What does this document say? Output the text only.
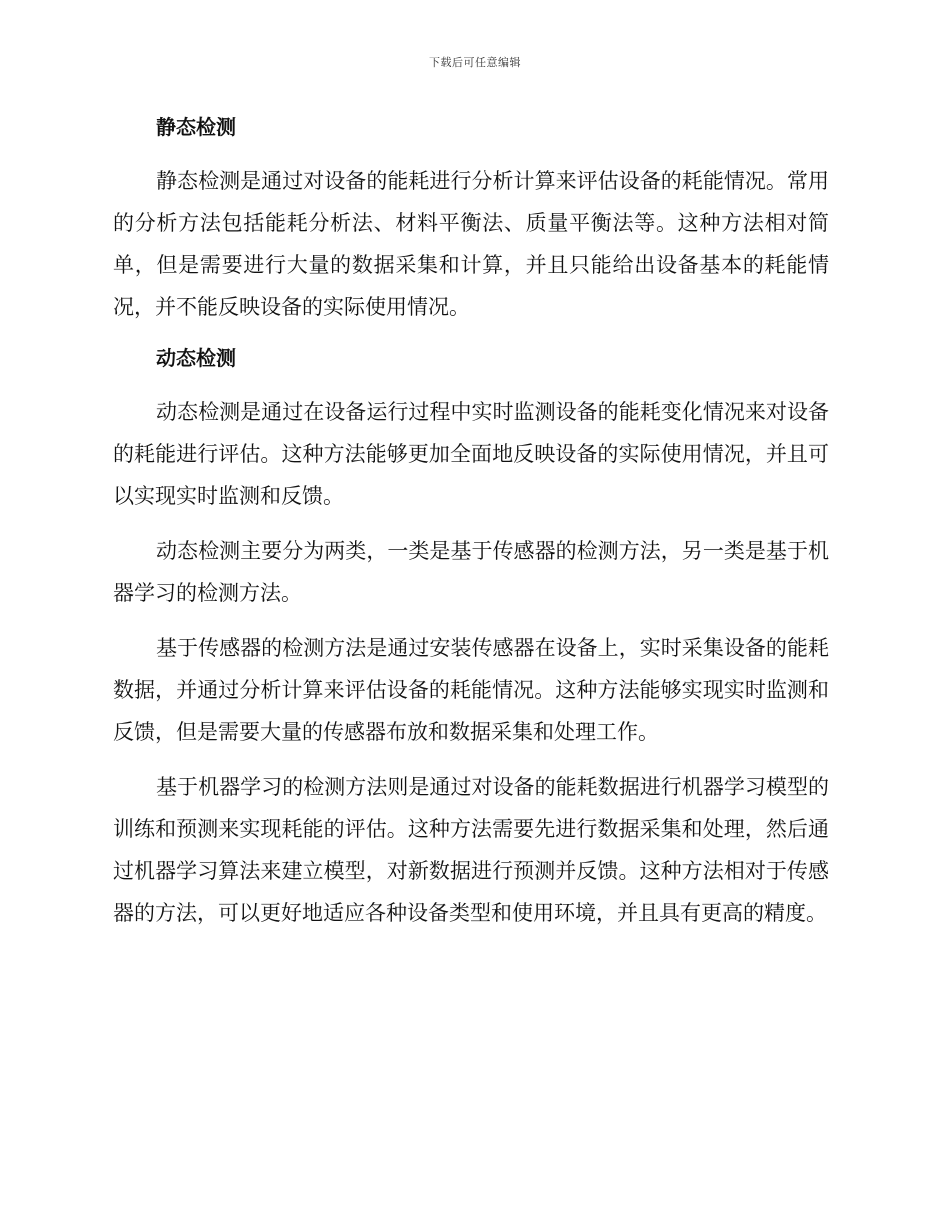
下载后可任意编辑
静态检测

静态检测是通过对设备的能耗进行分析计算来评估设备的耗能情况。常用的分析方法包括能耗分析法、材料平衡法、质量平衡法等。这种方法相对简单，但是需要进行大量的数据采集和计算，并且只能给出设备基本的耗能情况，并不能反映设备的实际使用情况。

动态检测

动态检测是通过在设备运行过程中实时监测设备的能耗变化情况来对设备的耗能进行评估。这种方法能够更加全面地反映设备的实际使用情况，并且可以实现实时监测和反馈。

动态检测主要分为两类，一类是基于传感器的检测方法，另一类是基于机器学习的检测方法。

基于传感器的检测方法是通过安装传感器在设备上，实时采集设备的能耗数据，并通过分析计算来评估设备的耗能情况。这种方法能够实现实时监测和反馈，但是需要大量的传感器布放和数据采集和处理工作。

基于机器学习的检测方法则是通过对设备的能耗数据进行机器学习模型的训练和预测来实现耗能的评估。这种方法需要先进行数据采集和处理，然后通过机器学习算法来建立模型，对新数据进行预测并反馈。这种方法相对于传感器的方法，可以更好地适应各种设备类型和使用环境，并且具有更高的精度。
